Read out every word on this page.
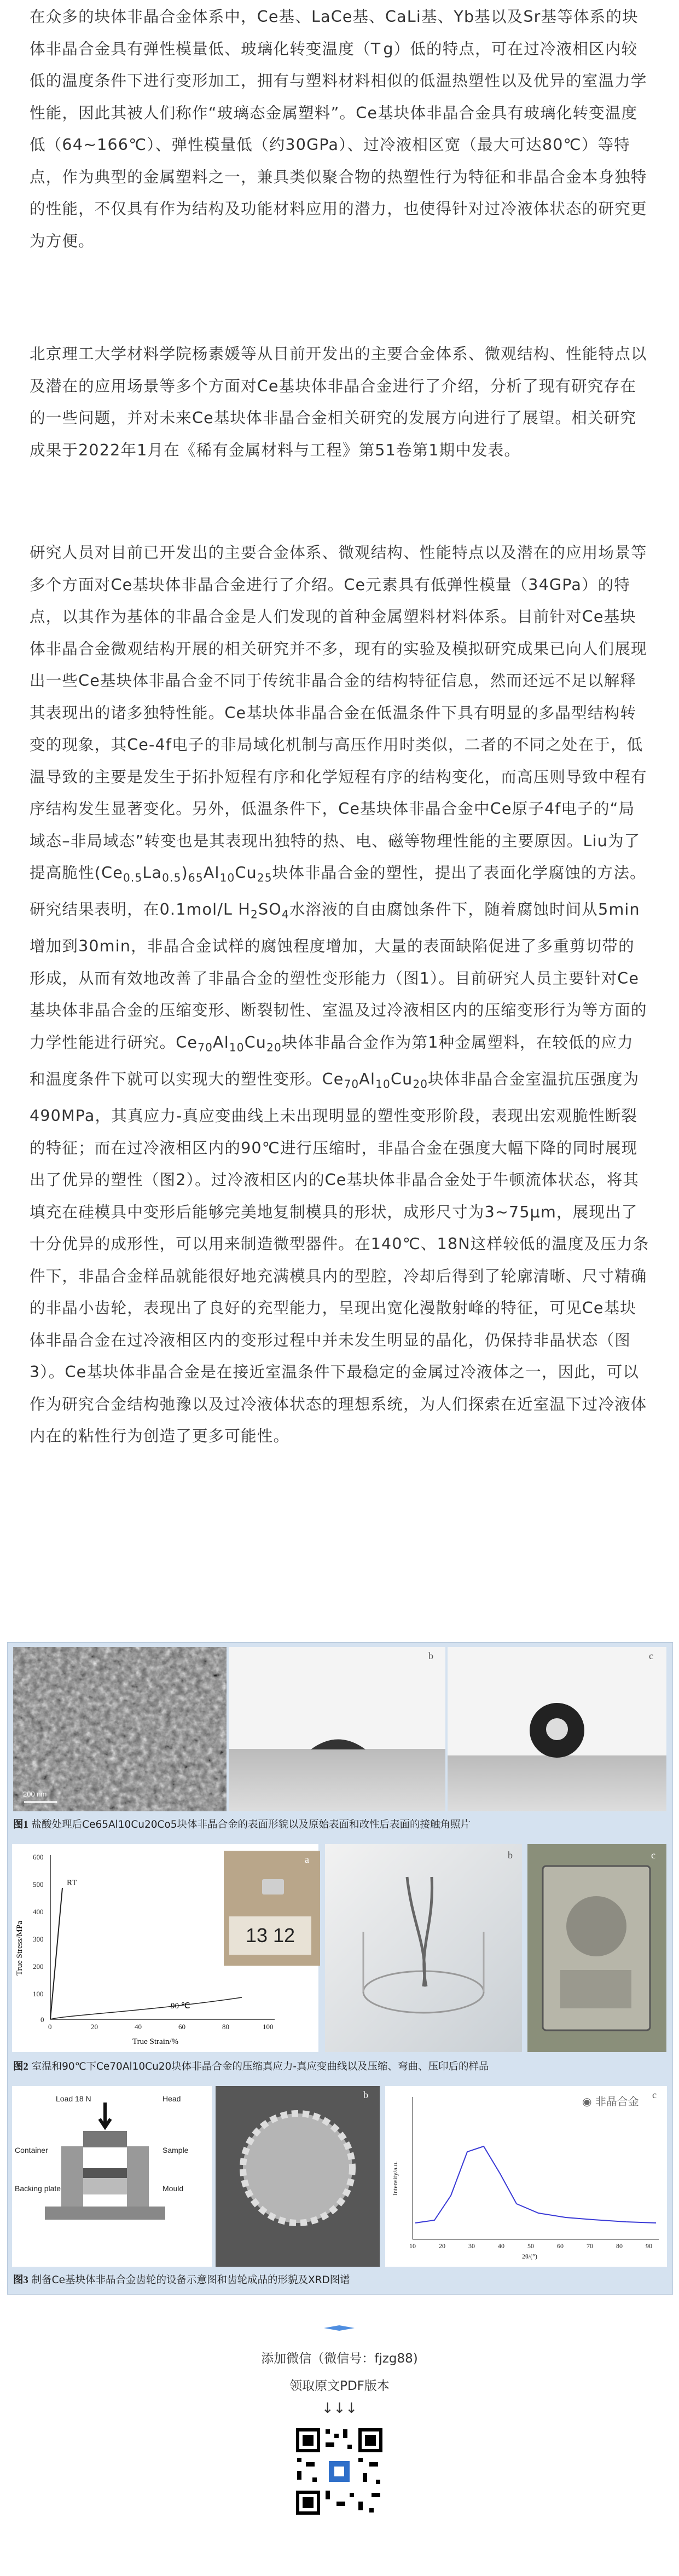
在众多的块体非晶合金体系中，Ce基、LaCe基、CaLi基、Yb基以及Sr基等体系的块体非晶合金具有弹性模量低、玻璃化转变温度（T g）低的特点，可在过冷液相区内较低的温度条件下进行变形加工，拥有与塑料材料相似的低温热塑性以及优异的室温力学性能，因此其被人们称作“玻璃态金属塑料”。Ce基块体非晶合金具有玻璃化转变温度低（64~166℃）、弹性模量低（约30GPa）、过冷液相区宽（最大可达80℃）等特点，作为典型的金属塑料之一，兼具类似聚合物的热塑性行为特征和非晶合金本身独特的性能，不仅具有作为结构及功能材料应用的潜力，也使得针对过冷液体状态的研究更为方便。

北京理工大学材料学院杨素媛等从目前开发出的主要合金体系、微观结构、性能特点以及潜在的应用场景等多个方面对Ce基块体非晶合金进行了介绍，分析了现有研究存在的一些问题，并对未来Ce基块体非晶合金相关研究的发展方向进行了展望。相关研究成果于2022年1月在《稀有金属材料与工程》第51卷第1期中发表。

研究人员对目前已开发出的主要合金体系、微观结构、性能特点以及潜在的应用场景等多个方面对Ce基块体非晶合金进行了介绍。Ce元素具有低弹性模量（34GPa）的特点，以其作为基体的非晶合金是人们发现的首种金属塑料材料体系。目前针对Ce基块体非晶合金微观结构开展的相关研究并不多，现有的实验及模拟研究成果已向人们展现出一些Ce基块体非晶合金不同于传统非晶合金的结构特征信息，然而还远不足以解释其表现出的诸多独特性能。Ce基块体非晶合金在低温条件下具有明显的多晶型结构转变的现象，其Ce-4f电子的非局域化机制与高压作用时类似，二者的不同之处在于，低温导致的主要是发生于拓扑短程有序和化学短程有序的结构变化，而高压则导致中程有序结构发生显著变化。另外，低温条件下，Ce基块体非晶合金中Ce原子4f电子的“局域态–非局域态”转变也是其表现出独特的热、电、磁等物理性能的主要原因。Liu为了提高脆性$(Ce_{0.5}La_{0.5})_{65}Al_{10}Cu_{25}$块体非晶合金的塑性，提出了表面化学腐蚀的方法。研究结果表明，在0.1mol/L $H_2SO_4$水溶液的自由腐蚀条件下，随着腐蚀时间从5min增加到30min，非晶合金试样的腐蚀程度增加，大量的表面缺陷促进了多重剪切带的形成，从而有效地改善了非晶合金的塑性变形能力（图1）。目前研究人员主要针对Ce基块体非晶合金的压缩变形、断裂韧性、室温及过冷液相区内的压缩变形行为等方面的力学性能进行研究。$Ce_{70}Al_{10}Cu_{20}$块体非晶合金作为第1种金属塑料，在较低的应力和温度条件下就可以实现大的塑性变形。$Ce_{70}Al_{10}Cu_{20}$块体非晶合金室温抗压强度为490MPa，其真应力-真应变曲线上未出现明显的塑性变形阶段，表现出宏观脆性断裂的特征；而在过冷液相区内的90℃进行压缩时，非晶合金在强度大幅下降的同时展现出了优异的塑性（图2）。过冷液相区内的Ce基块体非晶合金处于牛顿流体状态，将其填充在硅模具中变形后能够完美地复制模具的形状，成形尺寸为3~75μm，展现出了十分优异的成形性，可以用来制造微型器件。在140℃、18N这样较低的温度及压力条件下，非晶合金样品就能很好地充满模具内的型腔，冷却后得到了轮廓清晰、尺寸精确的非晶小齿轮，表现出了良好的充型能力，呈现出宽化漫散射峰的特征，可见Ce基块体非晶合金在过冷液相区内的变形过程中并未发生明显的晶化，仍保持非晶状态（图3）。Ce基块体非晶合金是在接近室温条件下最稳定的金属过冷液体之一，因此，可以作为研究合金结构弛豫以及过冷液体状态的理想系统，为人们探索在近室温下过冷液体内在的粘性行为创造了更多可能性。

200 nm
b	c
图1 盐酸处理后Ce65Al10Cu20Co5块体非晶合金的表面形貌以及原始表面和改性后表面的接触角照片
600
500
400
300
200
100
0
0	20	40	60	80	100
RT
90 ℃
True Strain/%
True Stress/MPa
a
13 12
b	c
图2 室温和90℃下Ce70Al10Cu20块体非晶合金的压缩真应力-真应变曲线以及压缩、弯曲、压印后的样品
Load 18 N	Head
Container	Sample
Backing plate	Mould
b	c
Intensity/a.u.
2θ/(°)
10	20	30	40	50	60	70	80	90
◉ 非晶合金
图3 制备Ce基块体非晶合金齿轮的设备示意图和齿轮成品的形貌及XRD图谱
添加微信（微信号：fjzg88)
领取原文PDF版本
↓↓↓
